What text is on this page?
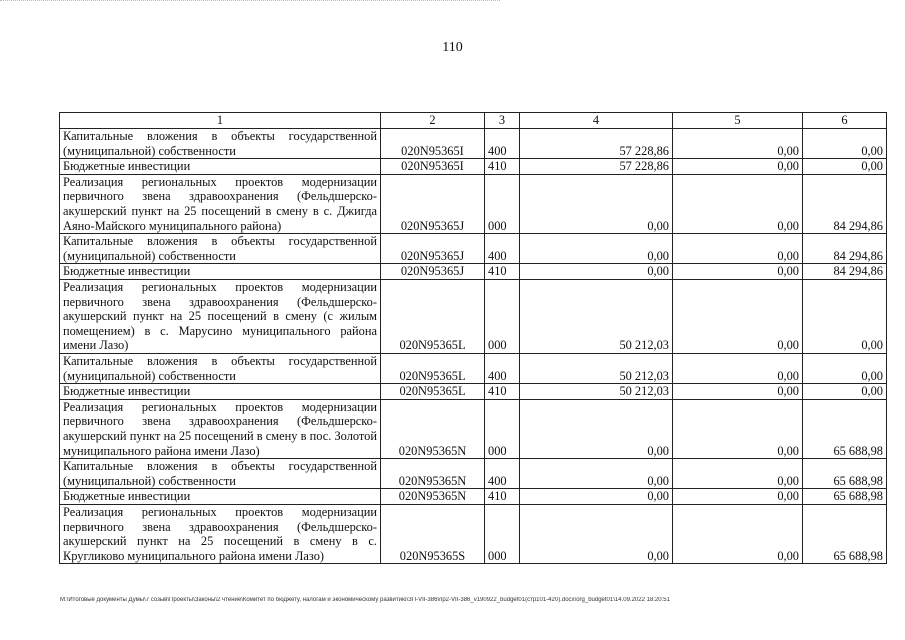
110
1	2	3	4	5	6
Капитальные вложения в объекты государственной (муниципальной) собственности	020N95365I	400	57 228,86	0,00	0,00
Бюджетные инвестиции	020N95365I	410	57 228,86	0,00	0,00
Реализация региональных проектов модернизации первичного звена здравоохранения (Фельдшерско-акушерский пункт на 25 посещений в смену в с. Джигда Аяно-Майского муниципального района)	020N95365J	000	0,00	0,00	84 294,86
Капитальные вложения в объекты государственной (муниципальной) собственности	020N95365J	400	0,00	0,00	84 294,86
Бюджетные инвестиции	020N95365J	410	0,00	0,00	84 294,86
Реализация региональных проектов модернизации первичного звена здравоохранения (Фельдшерско-акушерский пункт на 25 посещений в смену (с жилым помещением) в с. Марусино муниципального района имени Лазо)	020N95365L	000	50 212,03	0,00	0,00
Капитальные вложения в объекты государственной (муниципальной) собственности	020N95365L	400	50 212,03	0,00	0,00
Бюджетные инвестиции	020N95365L	410	50 212,03	0,00	0,00
Реализация региональных проектов модернизации первичного звена здравоохранения (Фельдшерско-акушерский пункт на 25 посещений в смену в пос. Золотой муниципального района имени Лазо)	020N95365N	000	0,00	0,00	65 688,98
Капитальные вложения в объекты государственной (муниципальной) собственности	020N95365N	400	0,00	0,00	65 688,98
Бюджетные инвестиции	020N95365N	410	0,00	0,00	65 688,98
Реализация региональных проектов модернизации первичного звена здравоохранения (Фельдшерско-акушерский пункт на 25 посещений в смену в с. Кругликово муниципального района имени Лазо)	020N95365S	000	0,00	0,00	65 688,98
М:\Итоговые документы Думы\7 созыв\Проекты\Законы\2 чтение\Комитет по бюджету, налогам и экономическому развитию\ЗП-VII-386\пр2-VII-386_v190922_budget01(стр101-420).docx\org_budget01\14.09.2022 18:20:51
